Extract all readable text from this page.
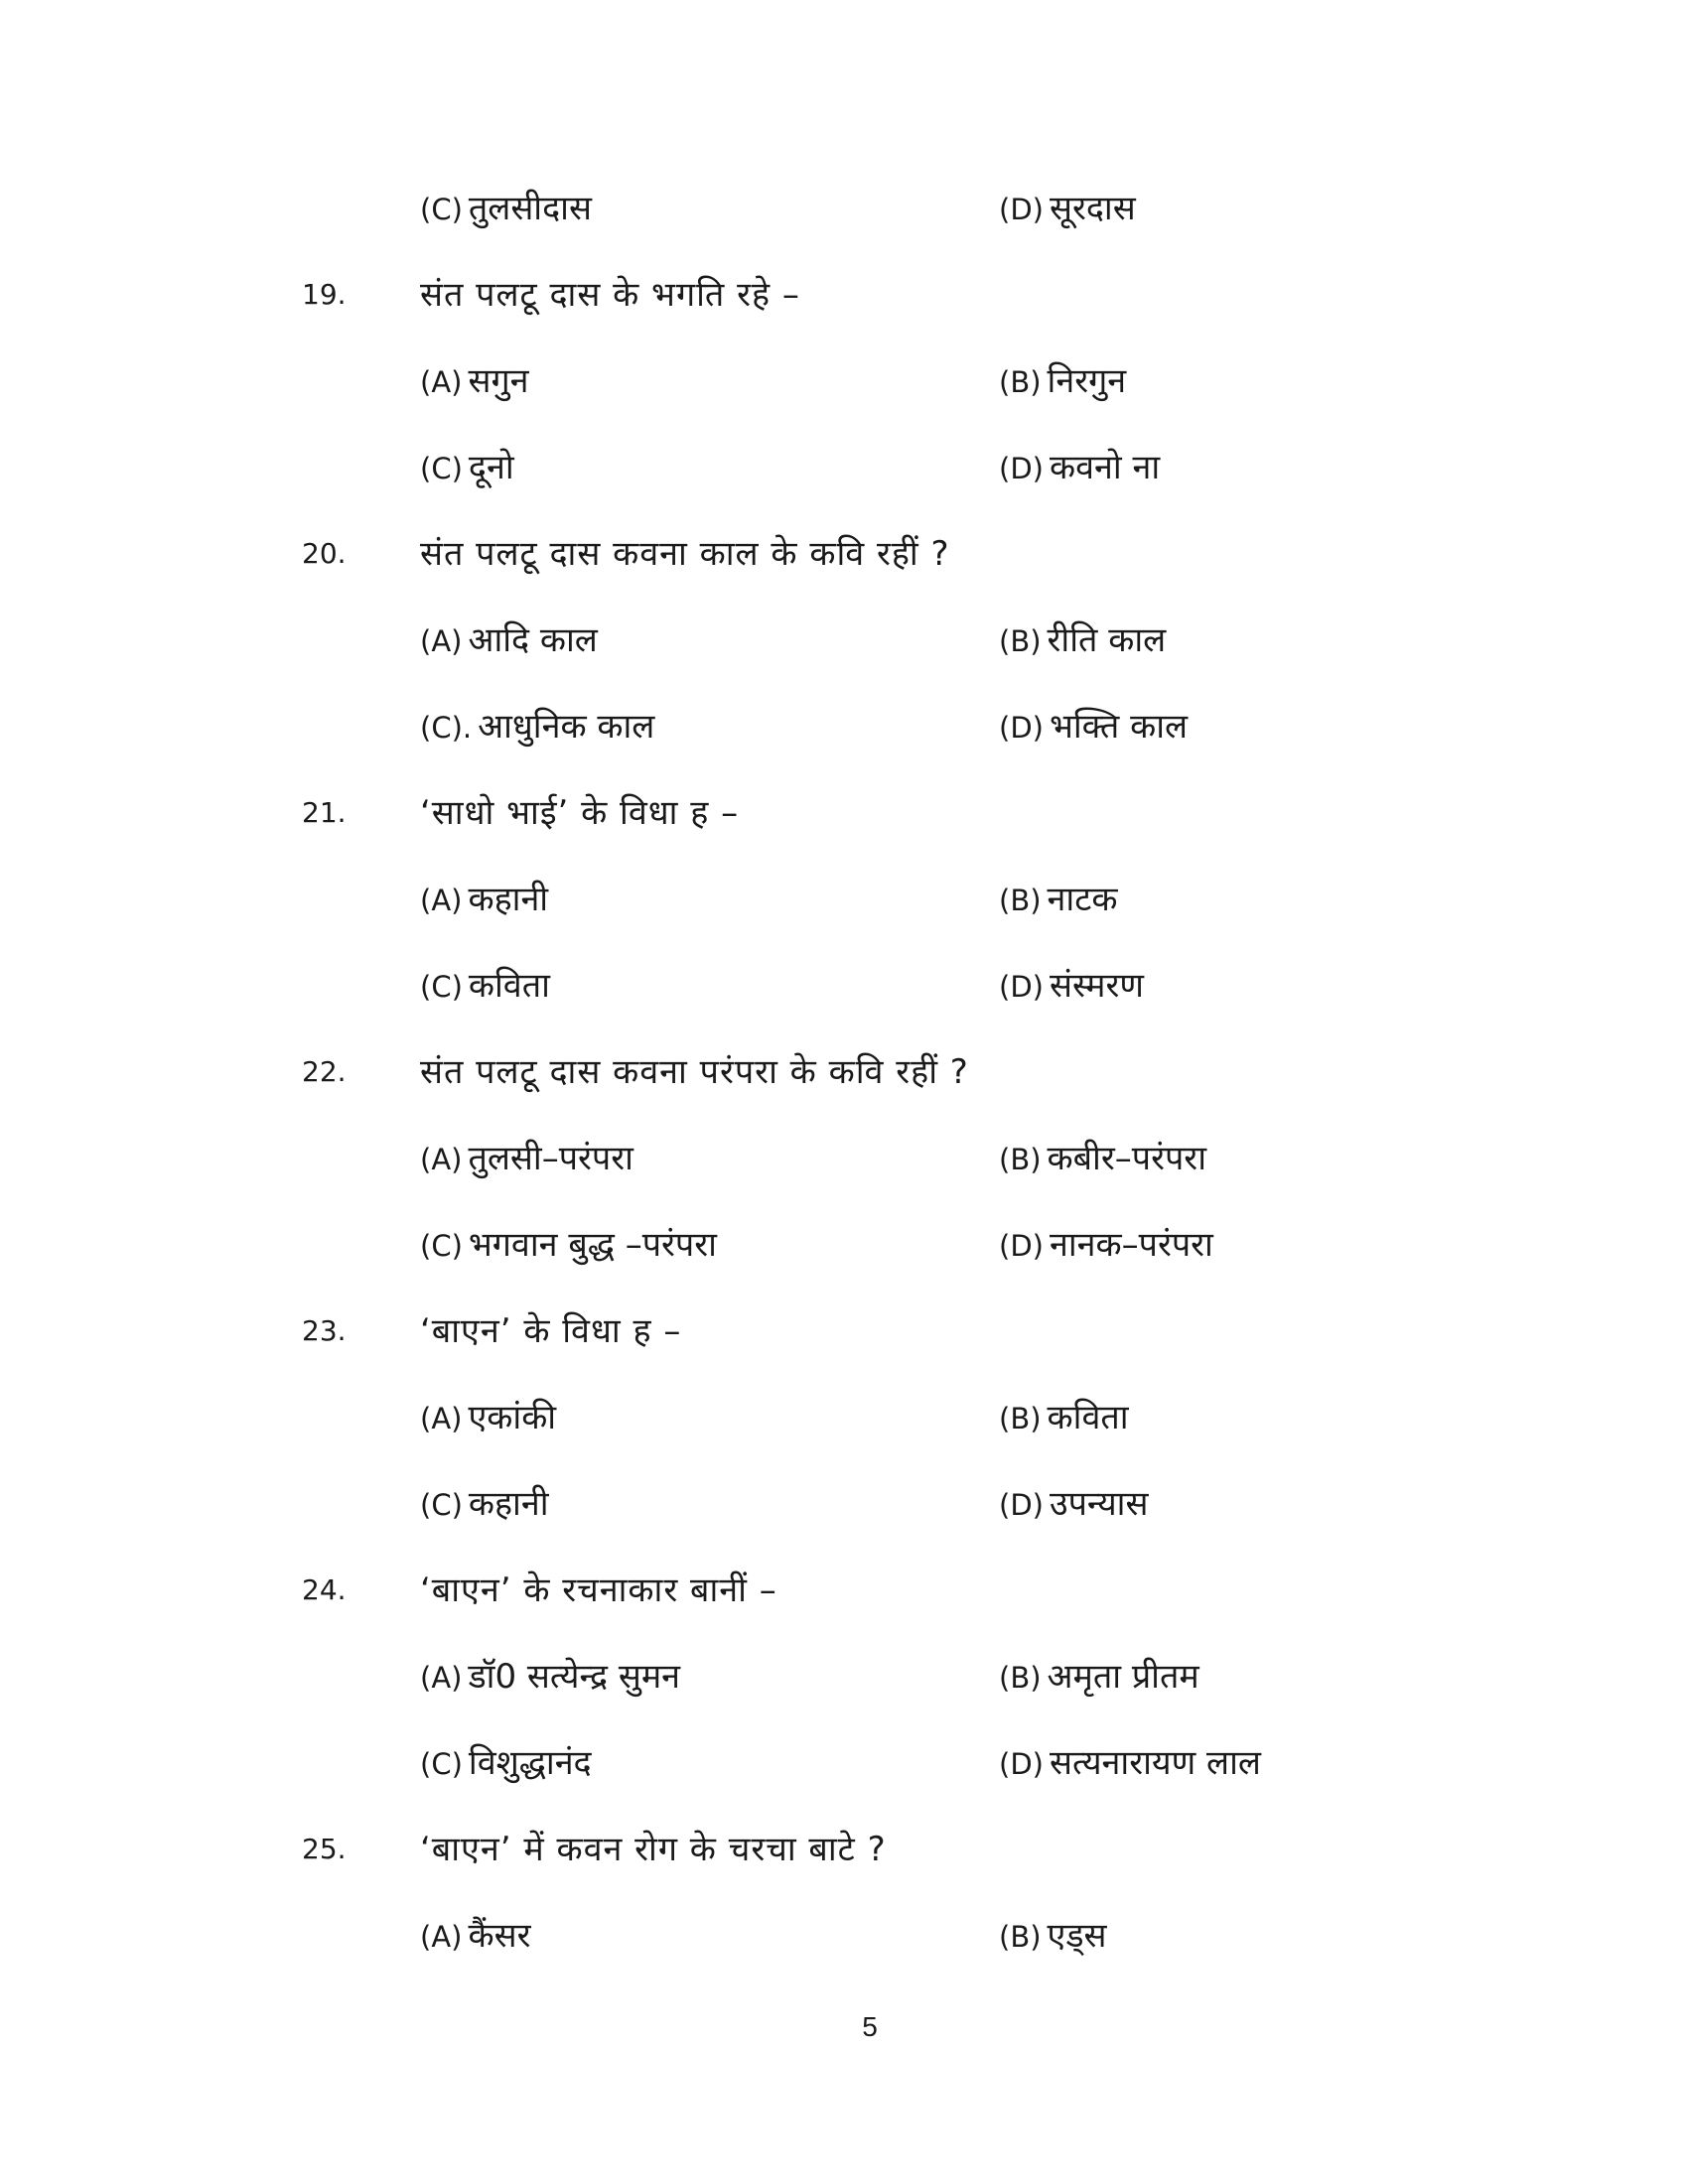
(C) तुलसीदास	(D) सूरदास
19. संत पलटू दास के भगति रहे –
(A) सगुन	(B) निरगुन
(C) दूनो	(D) कवनो ना
20. संत पलटू दास कवना काल के कवि रहीं ?
(A) आदि काल	(B) रीति काल
(C). आधुनिक काल	(D) भक्ति काल
21. ‘साधो भाई’ के विधा ह –
(A) कहानी	(B) नाटक
(C) कविता	(D) संस्मरण
22. संत पलटू दास कवना परंपरा के कवि रहीं ?
(A) तुलसी–परंपरा	(B) कबीर–परंपरा
(C) भगवान बुद्ध –परंपरा	(D) नानक–परंपरा
23. ‘बाएन’ के विधा ह –
(A) एकांकी	(B) कविता
(C) कहानी	(D) उपन्यास
24. ‘बाएन’ के रचनाकार बानीं –
(A) डॉ0 सत्येन्द्र सुमन	(B) अमृता प्रीतम
(C) विशुद्धानंद	(D) सत्यनारायण लाल
25. ‘बाएन’ में कवन रोग के चरचा बाटे ?
(A) कैंसर	(B) एड्स
5
